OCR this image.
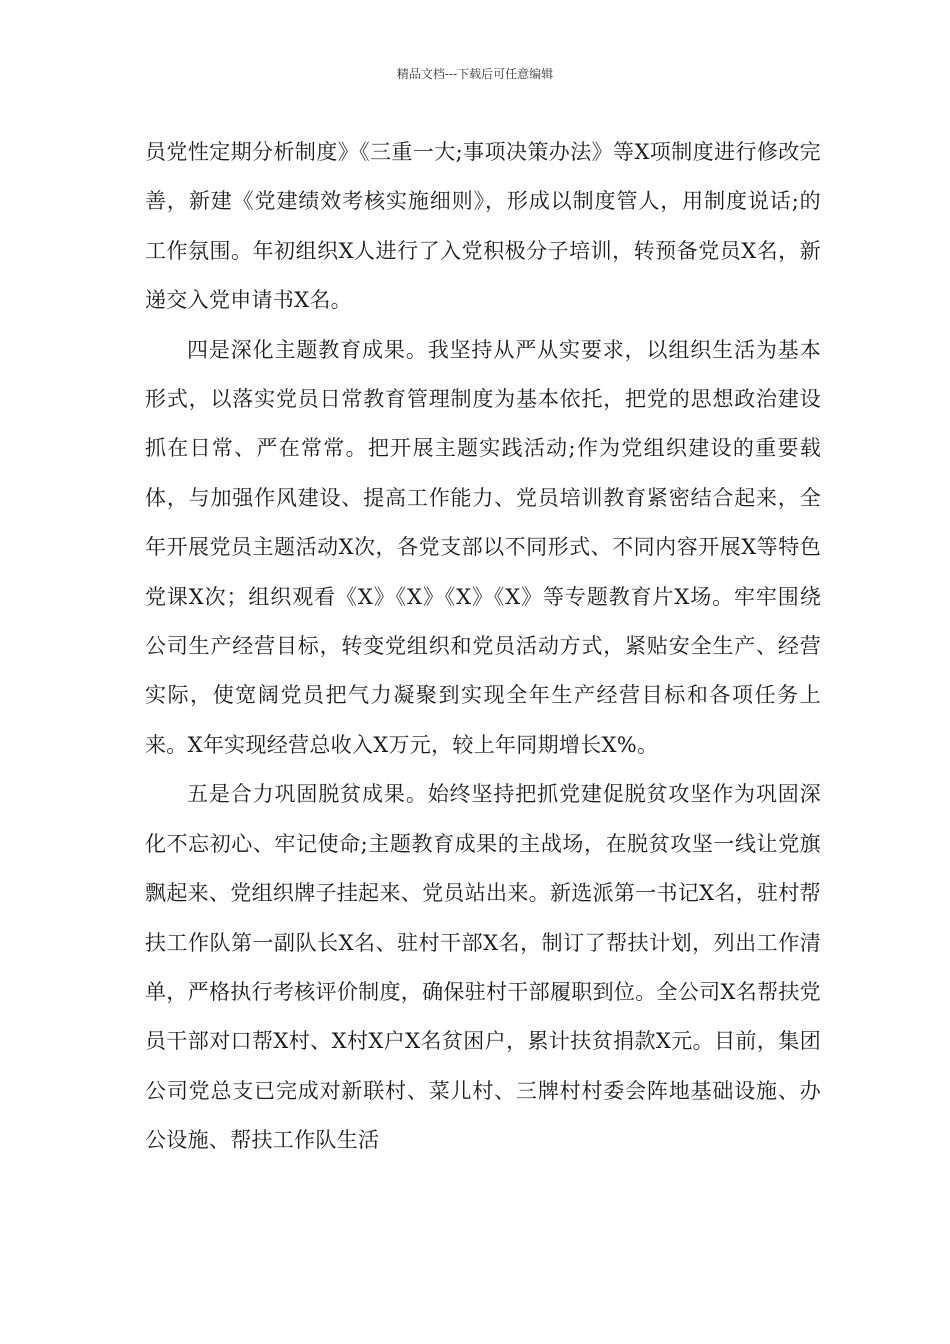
精品文档---下载后可任意编辑

员党性定期分析制度》《三重一大;事项决策办法》等X项制度进行修改完善，新建《党建绩效考核实施细则》，形成以制度管人，用制度说话;的工作氛围。年初组织X人进行了入党积极分子培训，转预备党员X名，新递交入党申请书X名。

四是深化主题教育成果。我坚持从严从实要求，以组织生活为基本形式，以落实党员日常教育管理制度为基本依托，把党的思想政治建设抓在日常、严在常常。把开展主题实践活动;作为党组织建设的重要载体，与加强作风建设、提高工作能力、党员培训教育紧密结合起来，全年开展党员主题活动X次，各党支部以不同形式、不同内容开展X等特色党课X次；组织观看《X》《X》《X》《X》等专题教育片X场。牢牢围绕公司生产经营目标，转变党组织和党员活动方式，紧贴安全生产、经营实际，使宽阔党员把气力凝聚到实现全年生产经营目标和各项任务上来。X年实现经营总收入X万元，较上年同期增长X%。

五是合力巩固脱贫成果。始终坚持把抓党建促脱贫攻坚作为巩固深化不忘初心、牢记使命;主题教育成果的主战场，在脱贫攻坚一线让党旗飘起来、党组织牌子挂起来、党员站出来。新选派第一书记X名，驻村帮扶工作队第一副队长X名、驻村干部X名，制订了帮扶计划，列出工作清单，严格执行考核评价制度，确保驻村干部履职到位。全公司X名帮扶党员干部对口帮X村、X村X户X名贫困户，累计扶贫捐款X元。目前，集团公司党总支已完成对新联村、菜儿村、三牌村村委会阵地基础设施、办公设施、帮扶工作队生活
